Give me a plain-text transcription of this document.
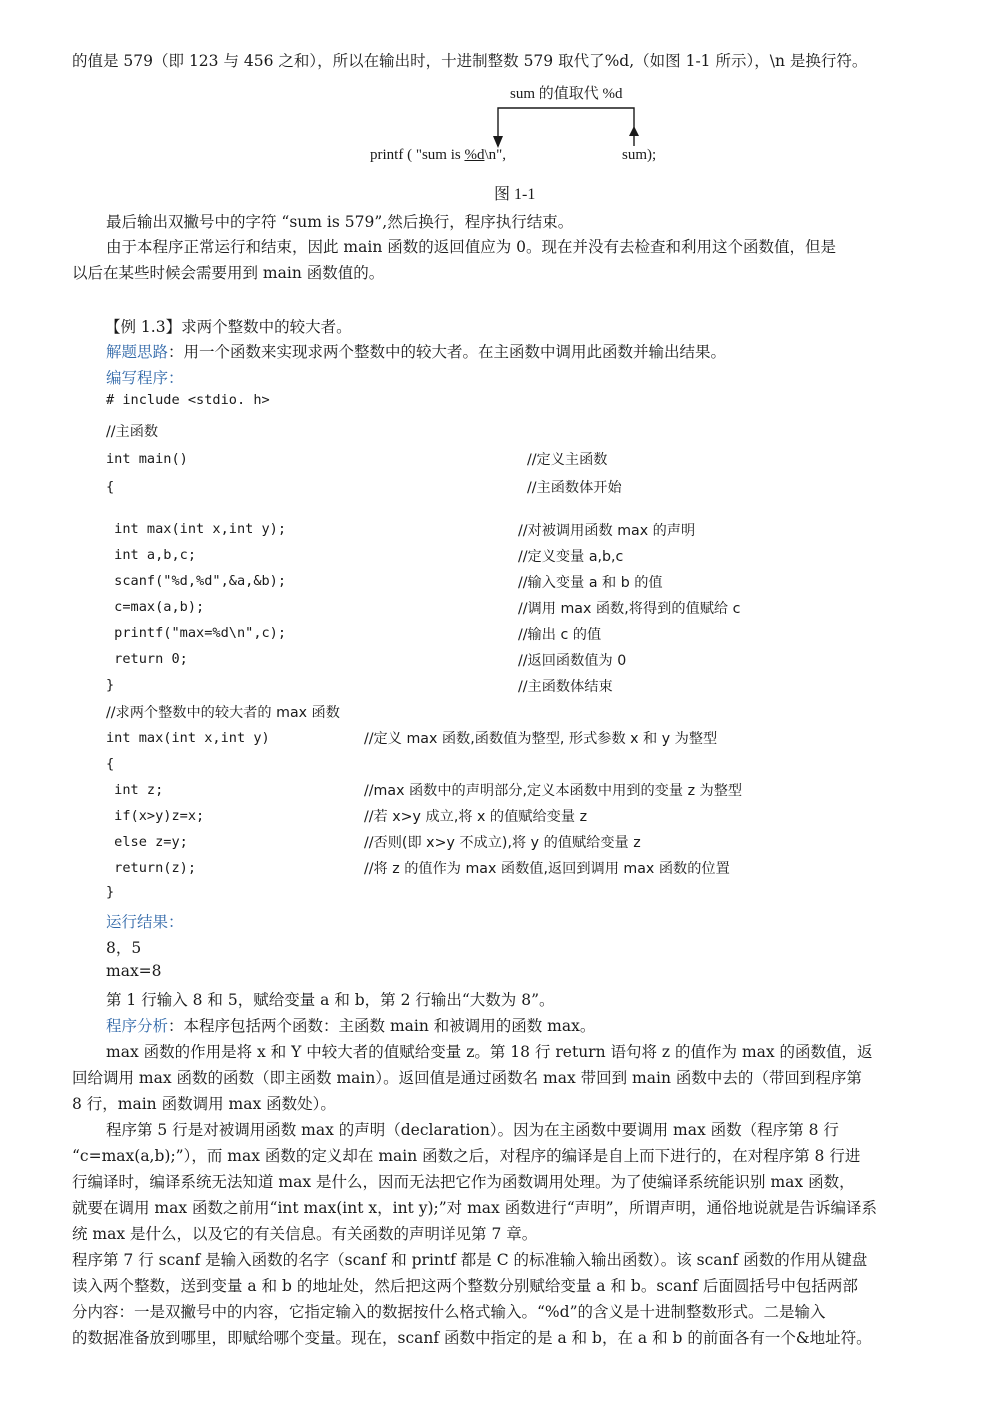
的值是 579（即 123 与 456 之和），所以在输出时，十进制整数 579 取代了%d,（如图 1-1 所示），\n 是换行符。
sum 的值取代 %d
printf ( "sum is %d\n",	sum);
图 1-1
最后输出双撇号中的字符 “sum is 579”,然后换行，程序执行结束。
由于本程序正常运行和结束，因此 main 函数的返回值应为 0。现在并没有去检查和利用这个函数值，但是
以后在某些时候会需要用到 main 函数值的。
【例 1.3】求两个整数中的较大者。
解题思路：用一个函数来实现求两个整数中的较大者。在主函数中调用此函数并输出结果。
编写程序：
# include <stdio. h>
//主函数
int main()	//定义主函数
{	//主函数体开始
int max(int x,int y);	//对被调用函数 max 的声明
int a,b,c;	//定义变量 a,b,c
scanf("%d,%d",&a,&b);	//输入变量 a 和 b 的值
c=max(a,b);	//调用 max 函数,将得到的值赋给 c
printf("max=%d\n",c);	//输出 c 的值
return 0;	//返回函数值为 0
}	//主函数体结束
//求两个整数中的较大者的 max 函数
int max(int x,int y)	//定义 max 函数,函数值为整型, 形式参数 x 和 y 为整型
{
int z;	//max 函数中的声明部分,定义本函数中用到的变量 z 为整型
if(x>y)z=x;	//若 x>y 成立,将 x 的值赋给变量 z
else z=y;	//否则(即 x>y 不成立),将 y 的值赋给变量 z
return(z);	//将 z 的值作为 max 函数值,返回到调用 max 函数的位置
}
运行结果：
8，5
max=8
第 1 行输入 8 和 5，赋给变量 a 和 b，第 2 行输出“大数为 8”。
程序分析：本程序包括两个函数：主函数 main 和被调用的函数 max。
max 函数的作用是将 x 和 Y 中较大者的值赋给变量 z。第 18 行 return 语句将 z 的值作为 max 的函数值，返
回给调用 max 函数的函数（即主函数 main）。返回值是通过函数名 max 带回到 main 函数中去的（带回到程序第
8 行，main 函数调用 max 函数处）。
程序第 5 行是对被调用函数 max 的声明（declaration）。因为在主函数中要调用 max 函数（程序第 8 行
“c=max(a,b);”），而 max 函数的定义却在 main 函数之后，对程序的编译是自上而下进行的，在对程序第 8 行进
行编译时，编译系统无法知道 max 是什么，因而无法把它作为函数调用处理。为了使编译系统能识别 max 函数，
就要在调用 max 函数之前用“int max(int x，int y);”对 max 函数进行“声明”，所谓声明，通俗地说就是告诉编译系
统 max 是什么，以及它的有关信息。有关函数的声明详见第 7 章。
程序第 7 行 scanf 是输入函数的名字（scanf 和 printf 都是 C 的标准输入输出函数）。该 scanf 函数的作用从键盘
读入两个整数，送到变量 a 和 b 的地址处，然后把这两个整数分别赋给变量 a 和 b。scanf 后面圆括号中包括两部
分内容：一是双撇号中的内容，它指定输入的数据按什么格式输入。“%d”的含义是十进制整数形式。二是输入
的数据准备放到哪里，即赋给哪个变量。现在，scanf 函数中指定的是 a 和 b，在 a 和 b 的前面各有一个&地址符。
